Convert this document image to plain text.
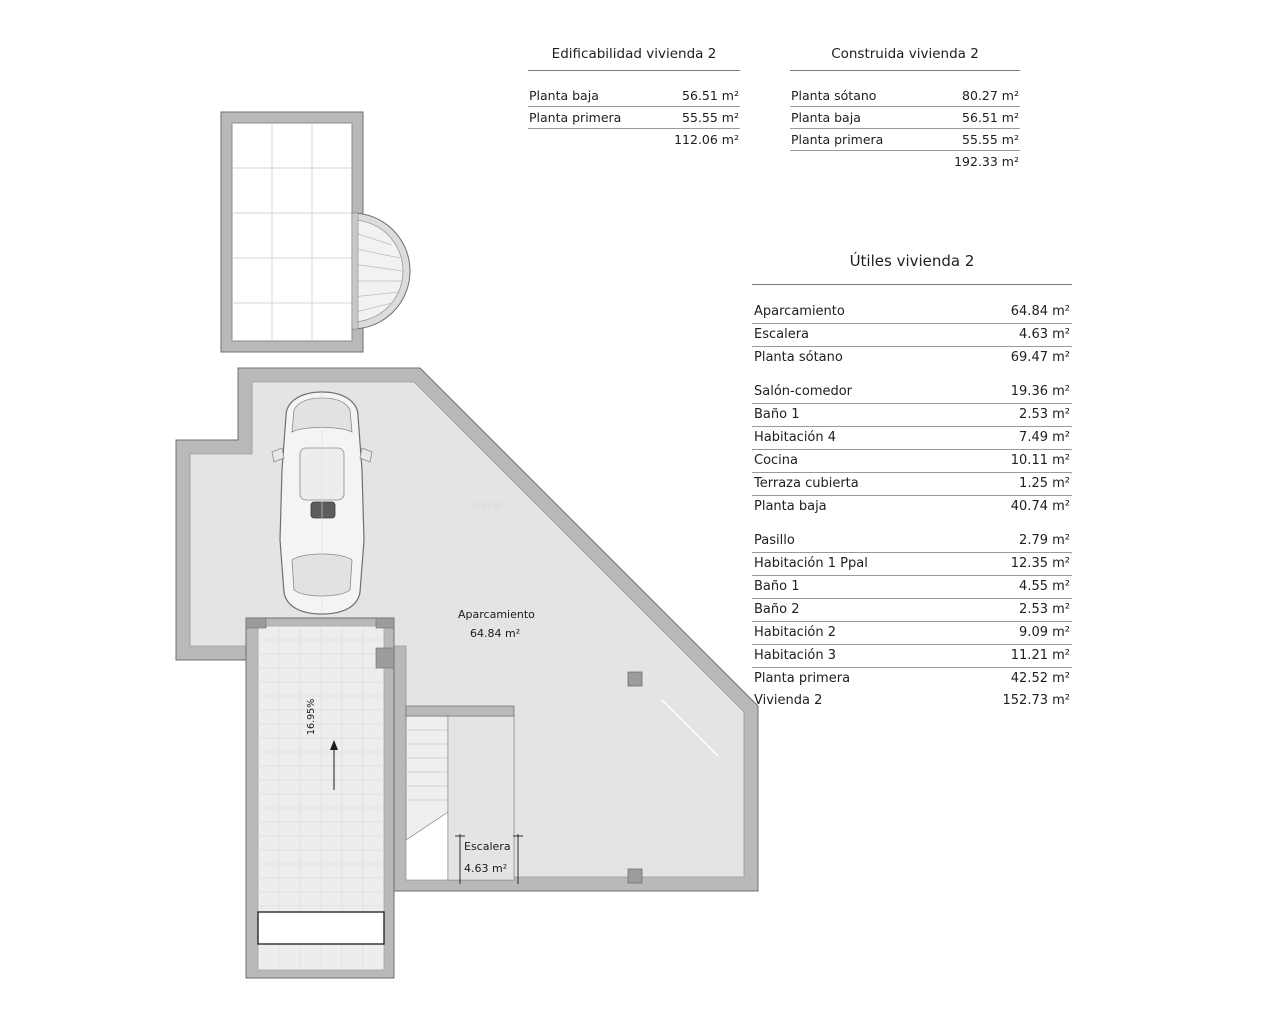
Aparcamiento
64.84 m²
Escalera
4.63 m²
16.95%
www
Edificabilidad vivienda 2
Planta baja	56.51 m²
Planta primera	55.55 m²
112.06 m²
Construida vivienda 2
Planta sótano	80.27 m²
Planta baja	56.51 m²
Planta primera	55.55 m²
192.33 m²
Útiles vivienda 2
Aparcamiento	64.84 m²
Escalera	4.63 m²
Planta sótano	69.47 m²
Salón-comedor	19.36 m²
Baño 1	2.53 m²
Habitación 4	7.49 m²
Cocina	10.11 m²
Terraza cubierta	1.25 m²
Planta baja	40.74 m²
Pasillo	2.79 m²
Habitación 1 Ppal	12.35 m²
Baño 1	4.55 m²
Baño 2	2.53 m²
Habitación 2	9.09 m²
Habitación 3	11.21 m²
Planta primera	42.52 m²
Vivienda 2	152.73 m²
